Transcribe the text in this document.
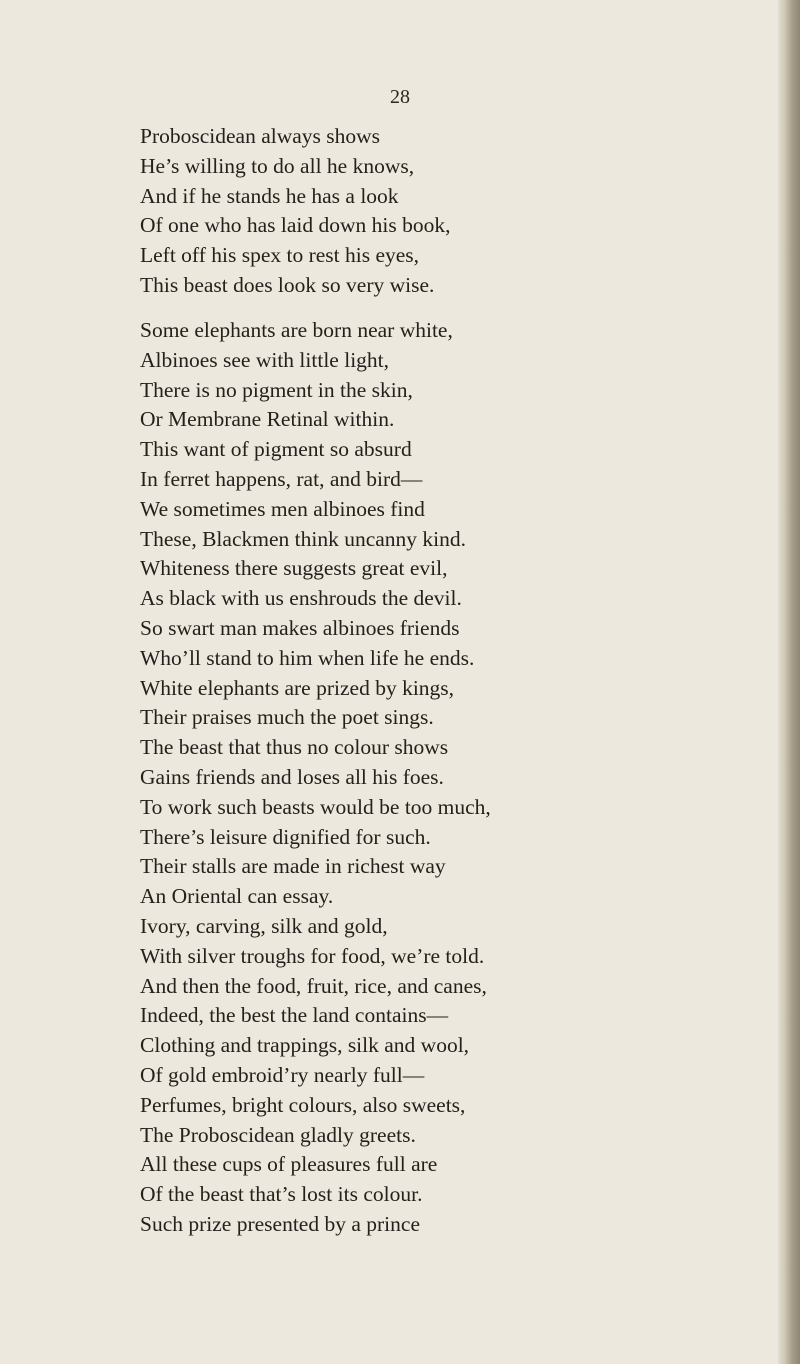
28
Proboscidean always shows
He’s willing to do all he knows,
And if he stands he has a look
Of one who has laid down his book,
Left off his spex to rest his eyes,
This beast does look so very wise.
Some elephants are born near white,
Albinoes see with little light,
There is no pigment in the skin,
Or Membrane Retinal within.
This want of pigment so absurd
In ferret happens, rat, and bird—
We sometimes men albinoes find
These, Blackmen think uncanny kind.
Whiteness there suggests great evil,
As black with us enshrouds the devil.
So swart man makes albinoes friends
Who’ll stand to him when life he ends.
White elephants are prized by kings,
Their praises much the poet sings.
The beast that thus no colour shows
Gains friends and loses all his foes.
To work such beasts would be too much,
There’s leisure dignified for such.
Their stalls are made in richest way
An Oriental can essay.
Ivory, carving, silk and gold,
With silver troughs for food, we’re told.
And then the food, fruit, rice, and canes,
Indeed, the best the land contains—
Clothing and trappings, silk and wool,
Of gold embroid’ry nearly full—
Perfumes, bright colours, also sweets,
The Proboscidean gladly greets.
All these cups of pleasures full are
Of the beast that’s lost its colour.
Such prize presented by a prince
